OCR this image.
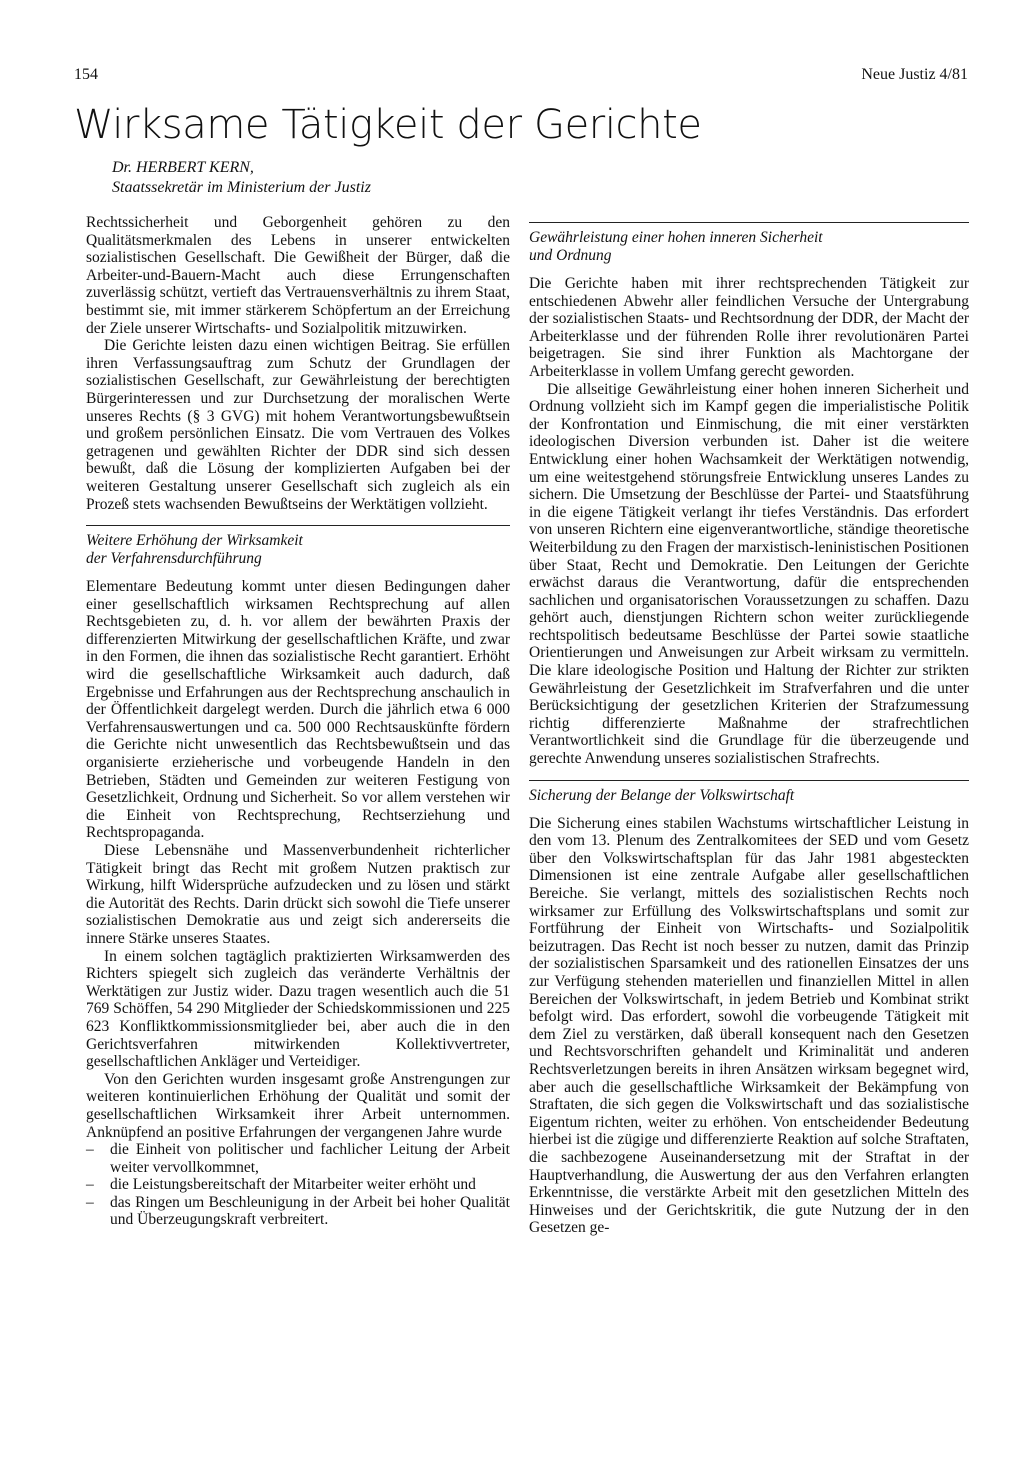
154	Neue Justiz 4/81
Wirksame Tätigkeit der Gerichte
Dr. HERBERT KERN,
Staatssekretär im Ministerium der Justiz

Rechtssicherheit und Geborgenheit gehören zu den Qualitätsmerkmalen des Lebens in unserer entwickelten sozialistischen Gesellschaft. Die Gewißheit der Bürger, daß die Arbeiter-und-Bauern-Macht auch diese Errungenschaften zuverlässig schützt, vertieft das Vertrauensverhältnis zu ihrem Staat, bestimmt sie, mit immer stärkerem Schöpfertum an der Erreichung der Ziele unserer Wirtschafts- und Sozialpolitik mitzuwirken.

Die Gerichte leisten dazu einen wichtigen Beitrag. Sie erfüllen ihren Verfassungsauftrag zum Schutz der Grundlagen der sozialistischen Gesellschaft, zur Gewährleistung der berechtigten Bürgerinteressen und zur Durchsetzung der moralischen Werte unseres Rechts (§ 3 GVG) mit hohem Verantwortungsbewußtsein und großem persönlichen Einsatz. Die vom Vertrauen des Volkes getragenen und gewählten Richter der DDR sind sich dessen bewußt, daß die Lösung der komplizierten Aufgaben bei der weiteren Gestaltung unserer Gesellschaft sich zugleich als ein Prozeß stets wachsenden Bewußtseins der Werktätigen vollzieht.

Weitere Erhöhung der Wirksamkeit
der Verfahrensdurchführung

Elementare Bedeutung kommt unter diesen Bedingungen daher einer gesellschaftlich wirksamen Rechtsprechung auf allen Rechtsgebieten zu, d. h. vor allem der bewährten Praxis der differenzierten Mitwirkung der gesellschaftlichen Kräfte, und zwar in den Formen, die ihnen das sozialistische Recht garantiert. Erhöht wird die gesellschaftliche Wirksamkeit auch dadurch, daß Ergebnisse und Erfahrungen aus der Rechtsprechung anschaulich in der Öffentlichkeit dargelegt werden. Durch die jährlich etwa 6 000 Verfahrensauswertungen und ca. 500 000 Rechtsauskünfte fördern die Gerichte nicht unwesentlich das Rechtsbewußtsein und das organisierte erzieherische und vorbeugende Handeln in den Betrieben, Städten und Gemeinden zur weiteren Festigung von Gesetzlichkeit, Ordnung und Sicherheit. So vor allem verstehen wir die Einheit von Rechtsprechung, Rechtserziehung und Rechtspropaganda.

Diese Lebensnähe und Massenverbundenheit richterlicher Tätigkeit bringt das Recht mit großem Nutzen praktisch zur Wirkung, hilft Widersprüche aufzudecken und zu lösen und stärkt die Autorität des Rechts. Darin drückt sich sowohl die Tiefe unserer sozialistischen Demokratie aus und zeigt sich andererseits die innere Stärke unseres Staates.

In einem solchen tagtäglich praktizierten Wirksamwerden des Richters spiegelt sich zugleich das veränderte Verhältnis der Werktätigen zur Justiz wider. Dazu tragen wesentlich auch die 51 769 Schöffen, 54 290 Mitglieder der Schiedskommissionen und 225 623 Konfliktkommissionsmitglieder bei, aber auch die in den Gerichtsverfahren mitwirkenden Kollektivvertreter, gesellschaftlichen Ankläger und Verteidiger.

Von den Gerichten wurden insgesamt große Anstrengungen zur weiteren kontinuierlichen Erhöhung der Qualität und somit der gesellschaftlichen Wirksamkeit ihrer Arbeit unternommen. Anknüpfend an positive Erfahrungen der vergangenen Jahre wurde

– die Einheit von politischer und fachlicher Leitung der Arbeit weiter vervollkommnet,
– die Leistungsbereitschaft der Mitarbeiter weiter erhöht und
– das Ringen um Beschleunigung in der Arbeit bei hoher Qualität und Überzeugungskraft verbreitert.
Gewährleistung einer hohen inneren Sicherheit
und Ordnung

Die Gerichte haben mit ihrer rechtsprechenden Tätigkeit zur entschiedenen Abwehr aller feindlichen Versuche der Untergrabung der sozialistischen Staats- und Rechtsordnung der DDR, der Macht der Arbeiterklasse und der führenden Rolle ihrer revolutionären Partei beigetragen. Sie sind ihrer Funktion als Machtorgane der Arbeiterklasse in vollem Umfang gerecht geworden.

Die allseitige Gewährleistung einer hohen inneren Sicherheit und Ordnung vollzieht sich im Kampf gegen die imperialistische Politik der Konfrontation und Einmischung, die mit einer verstärkten ideologischen Diversion verbunden ist. Daher ist die weitere Entwicklung einer hohen Wachsamkeit der Werktätigen notwendig, um eine weitestgehend störungsfreie Entwicklung unseres Landes zu sichern. Die Umsetzung der Beschlüsse der Partei- und Staatsführung in die eigene Tätigkeit verlangt ihr tiefes Verständnis. Das erfordert von unseren Richtern eine eigenverantwortliche, ständige theoretische Weiterbildung zu den Fragen der marxistisch-leninistischen Positionen über Staat, Recht und Demokratie. Den Leitungen der Gerichte erwächst daraus die Verantwortung, dafür die entsprechenden sachlichen und organisatorischen Voraussetzungen zu schaffen. Dazu gehört auch, dienstjungen Richtern schon weiter zurückliegende rechtspolitisch bedeutsame Beschlüsse der Partei sowie staatliche Orientierungen und Anweisungen zur Arbeit wirksam zu vermitteln. Die klare ideologische Position und Haltung der Richter zur strikten Gewährleistung der Gesetzlichkeit im Strafverfahren und die unter Berücksichtigung der gesetzlichen Kriterien der Strafzumessung richtig differenzierte Maßnahme der strafrechtlichen Verantwortlichkeit sind die Grundlage für die überzeugende und gerechte Anwendung unseres sozialistischen Strafrechts.

Sicherung der Belange der Volkswirtschaft

Die Sicherung eines stabilen Wachstums wirtschaftlicher Leistung in den vom 13. Plenum des Zentralkomitees der SED und vom Gesetz über den Volkswirtschaftsplan für das Jahr 1981 abgesteckten Dimensionen ist eine zentrale Aufgabe aller gesellschaftlichen Bereiche. Sie verlangt, mittels des sozialistischen Rechts noch wirksamer zur Erfüllung des Volkswirtschaftsplans und somit zur Fortführung der Einheit von Wirtschafts- und Sozialpolitik beizutragen. Das Recht ist noch besser zu nutzen, damit das Prinzip der sozialistischen Sparsamkeit und des rationellen Einsatzes der uns zur Verfügung stehenden materiellen und finanziellen Mittel in allen Bereichen der Volkswirtschaft, in jedem Betrieb und Kombinat strikt befolgt wird. Das erfordert, sowohl die vorbeugende Tätigkeit mit dem Ziel zu verstärken, daß überall konsequent nach den Gesetzen und Rechtsvorschriften gehandelt und Kriminalität und anderen Rechtsverletzungen bereits in ihren Ansätzen wirksam begegnet wird, aber auch die gesellschaftliche Wirksamkeit der Bekämpfung von Straftaten, die sich gegen die Volkswirtschaft und das sozialistische Eigentum richten, weiter zu erhöhen. Von entscheidender Bedeutung hierbei ist die zügige und differenzierte Reaktion auf solche Straftaten, die sachbezogene Auseinandersetzung mit der Straftat in der Hauptverhandlung, die Auswertung der aus den Verfahren erlangten Erkenntnisse, die verstärkte Arbeit mit den gesetzlichen Mitteln des Hinweises und der Gerichtskritik, die gute Nutzung der in den Gesetzen ge-
